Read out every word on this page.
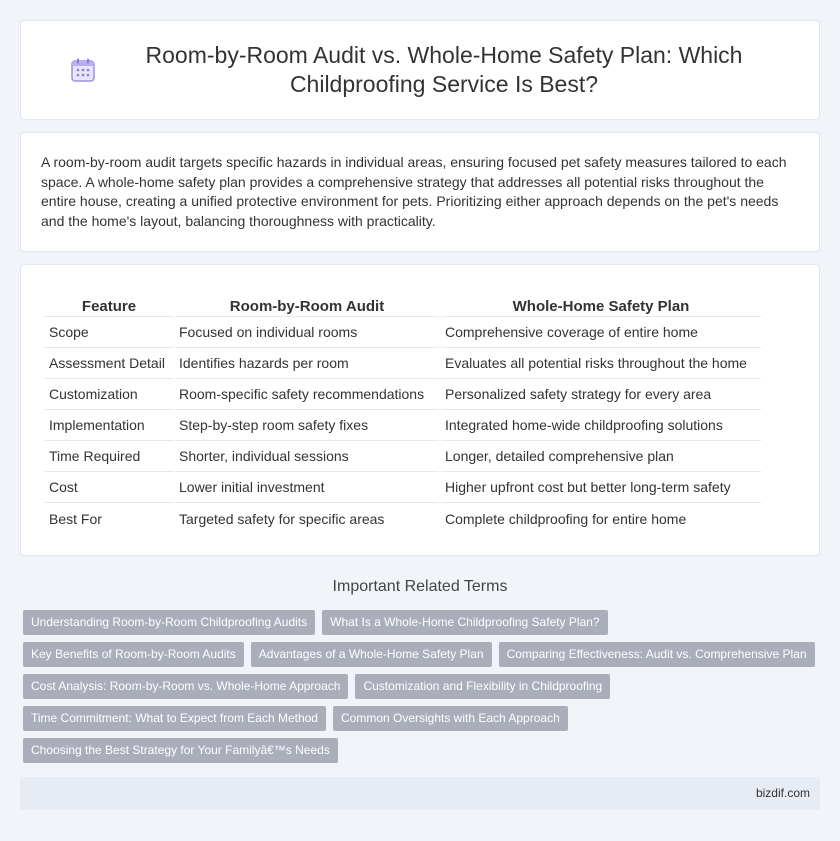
Room-by-Room Audit vs. Whole-Home Safety Plan: Which Childproofing Service Is Best?

A room-by-room audit targets specific hazards in individual areas, ensuring focused pet safety measures tailored to each space. A whole-home safety plan provides a comprehensive strategy that addresses all potential risks throughout the entire house, creating a unified protective environment for pets. Prioritizing either approach depends on the pet's needs and the home's layout, balancing thoroughness with practicality.

Feature	Room-by-Room Audit	Whole-Home Safety Plan
Scope	Focused on individual rooms	Comprehensive coverage of entire home
Assessment Detail	Identifies hazards per room	Evaluates all potential risks throughout the home
Customization	Room-specific safety recommendations	Personalized safety strategy for every area
Implementation	Step-by-step room safety fixes	Integrated home-wide childproofing solutions
Time Required	Shorter, individual sessions	Longer, detailed comprehensive plan
Cost	Lower initial investment	Higher upfront cost but better long-term safety
Best For	Targeted safety for specific areas	Complete childproofing for entire home
Important Related Terms
Understanding Room-by-Room Childproofing Audits	What Is a Whole-Home Childproofing Safety Plan?
Key Benefits of Room-by-Room Audits	Advantages of a Whole-Home Safety Plan	Comparing Effectiveness: Audit vs. Comprehensive Plan
Cost Analysis: Room-by-Room vs. Whole-Home Approach	Customization and Flexibility in Childproofing
Time Commitment: What to Expect from Each Method	Common Oversights with Each Approach
Choosing the Best Strategy for Your Familyâ€™s Needs
bizdif.com
